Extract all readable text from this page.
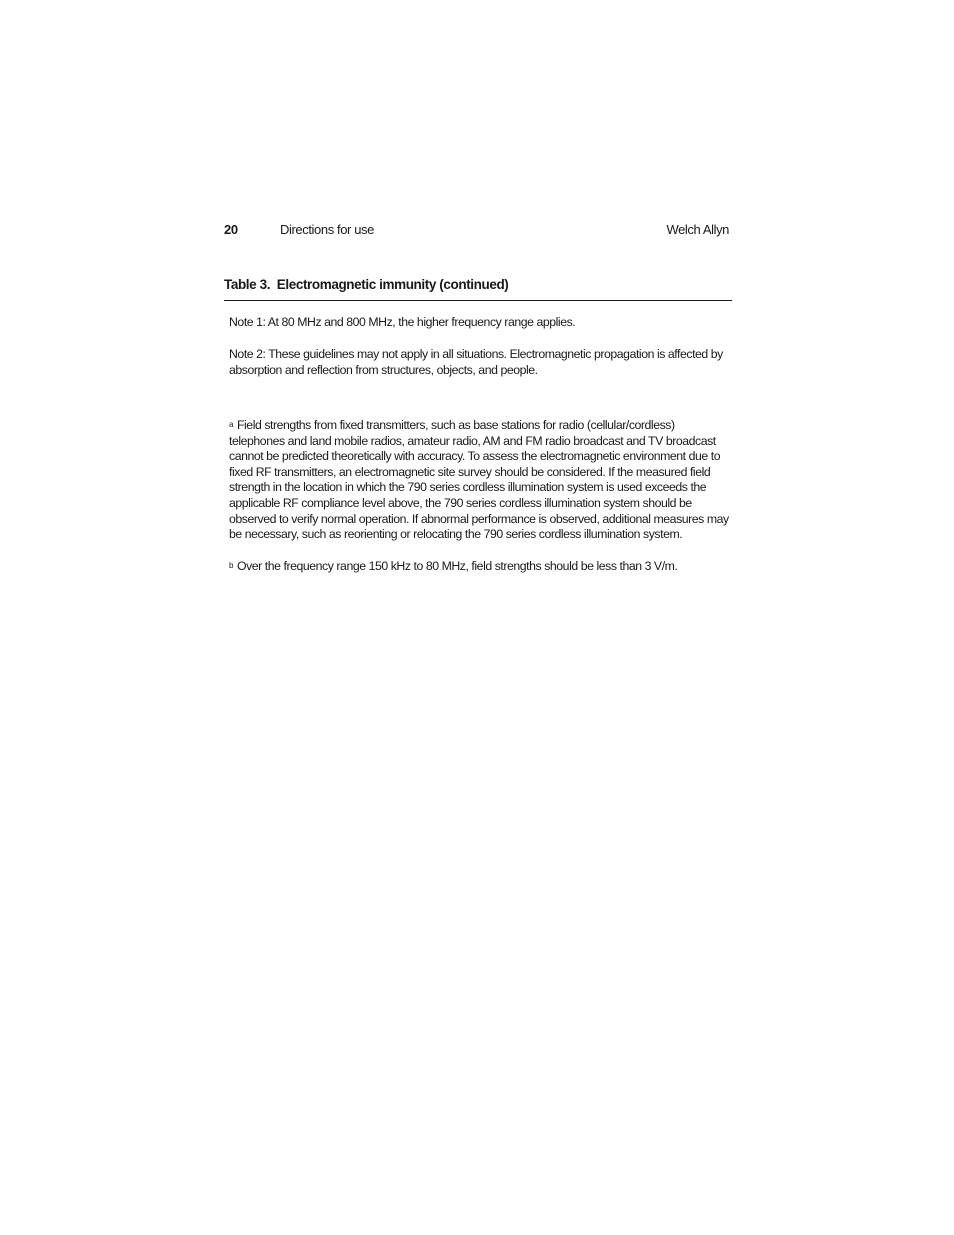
20	Directions for use	Welch Allyn
Table 3.  Electromagnetic immunity (continued)
Note 1: At 80 MHz and 800 MHz, the higher frequency range applies.
Note 2: These guidelines may not apply in all situations. Electromagnetic propagation is affected by absorption and reflection from structures, objects, and people.
$^a$ Field strengths from fixed transmitters, such as base stations for radio (cellular/cordless) telephones and land mobile radios, amateur radio, AM and FM radio broadcast and TV broadcast cannot be predicted theoretically with accuracy. To assess the electromagnetic environment due to fixed RF transmitters, an electromagnetic site survey should be considered. If the measured field strength in the location in which the 790 series cordless illumination system is used exceeds the applicable RF compliance level above, the 790 series cordless illumination system should be observed to verify normal operation. If abnormal performance is observed, additional measures may be necessary, such as reorienting or relocating the 790 series cordless illumination system.
$^b$ Over the frequency range 150 kHz to 80 MHz, field strengths should be less than 3 V/m.
